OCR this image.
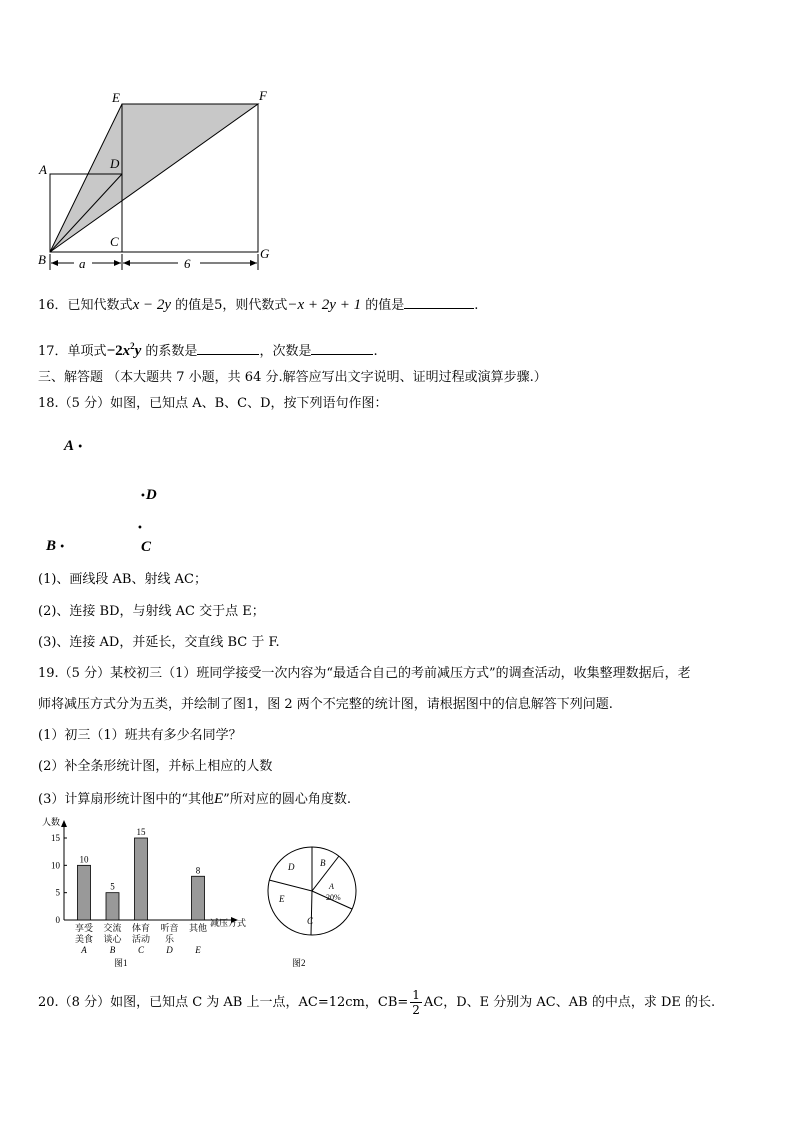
E	F
A	D
C
B	G
a	6
16．已知代数式x − 2y 的值是5，则代数式−x + 2y + 1 的值是	.
17．单项式$-2x^2y$ 的系数是	，次数是	.
三、解答题 （本大题共 7 小题，共 64 分.解答应写出文字说明、证明过程或演算步骤.）
18.（5 分）如图，已知点 A、B、C、D，按下列语句作图：
A •
•D
B •
•
C
(1)、画线段 AB、射线 AC；
(2)、连接 BD，与射线 AC 交于点 E；
(3)、连接 AD，并延长，交直线 BC 于 F.
19.（5 分）某校初三（1）班同学接受一次内容为“最适合自己的考前减压方式”的调查活动，收集整理数据后，老
师将减压方式分为五类，并绘制了图1，图 2 两个不完整的统计图，请根据图中的信息解答下列问题.
(1）初三（1）班共有多少名同学？
(2）补全条形统计图，并标上相应的人数
(3）计算扇形统计图中的“其他E”所对应的圆心角度数.
人数
减压方式
图1
15
10
5
0
10
享受
美食
A
5
交流
谈心
B
15
体育
活动
C
听音
乐
D
8
其他
E
D	B
A
20%
E
C
图2
20.（8 分）如图，已知点 C 为 AB 上一点，AC=12cm，$CB= \frac{1}{2}$ AC，D、E 分别为 AC、AB 的中点，求 DE 的长.
